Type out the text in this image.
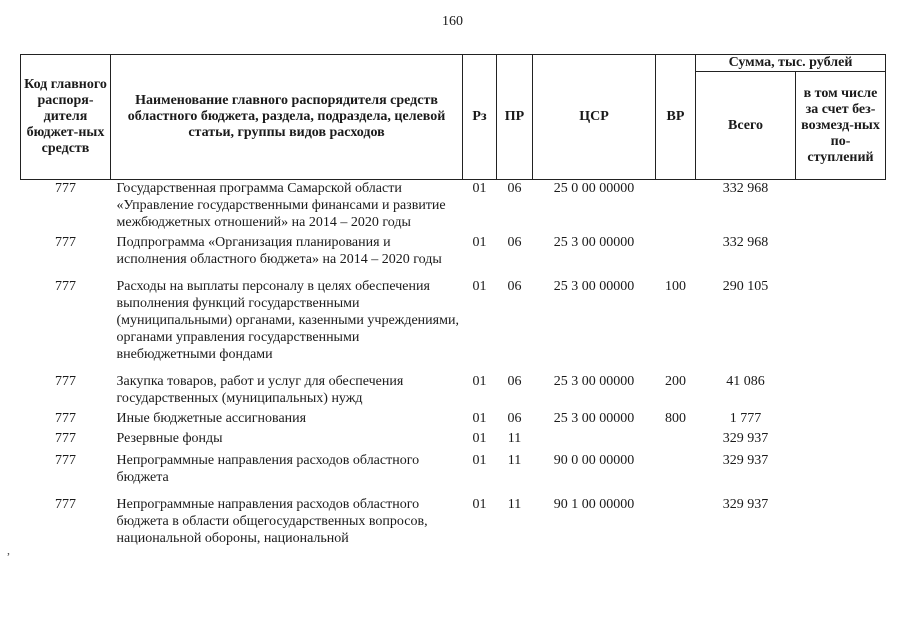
160
Код главного распоря-дителя бюджет-ных средств	Наименование главного распорядителя средств областного бюджета, раздела, подраздела, целевой статьи, группы видов расходов	Рз	ПР	ЦСР	ВР	Сумма, тыс. рублей	
						Всего	в том числе за счет без-возмезд-ных по-ступлений
777	Государственная программа Самарской области «Управление государственными финансами и развитие межбюджетных отношений» на 2014 – 2020 годы	01	06	25 0 00 00000		332 968	
777	Подпрограмма «Организация планирования и исполнения областного бюджета» на 2014 – 2020 годы	01	06	25 3 00 00000		332 968	
777	Расходы на выплаты персоналу в целях обеспечения выполнения функций государственными (муниципальными) органами, казенными учреждениями, органами управления государственными внебюджетными фондами	01	06	25 3 00 00000	100	290 105	
777	Закупка товаров, работ и услуг для обеспечения государственных (муниципальных) нужд	01	06	25 3 00 00000	200	41 086	
777	Иные бюджетные ассигнования	01	06	25 3 00 00000	800	1 777	
777	Резервные фонды	01	11			329 937	
777	Непрограммные направления расходов областного бюджета	01	11	90 0 00 00000		329 937	
777	Непрограммные направления расходов областного бюджета в области общегосударственных вопросов, национальной обороны, национальной	01	11	90 1 00 00000		329 937	
,
